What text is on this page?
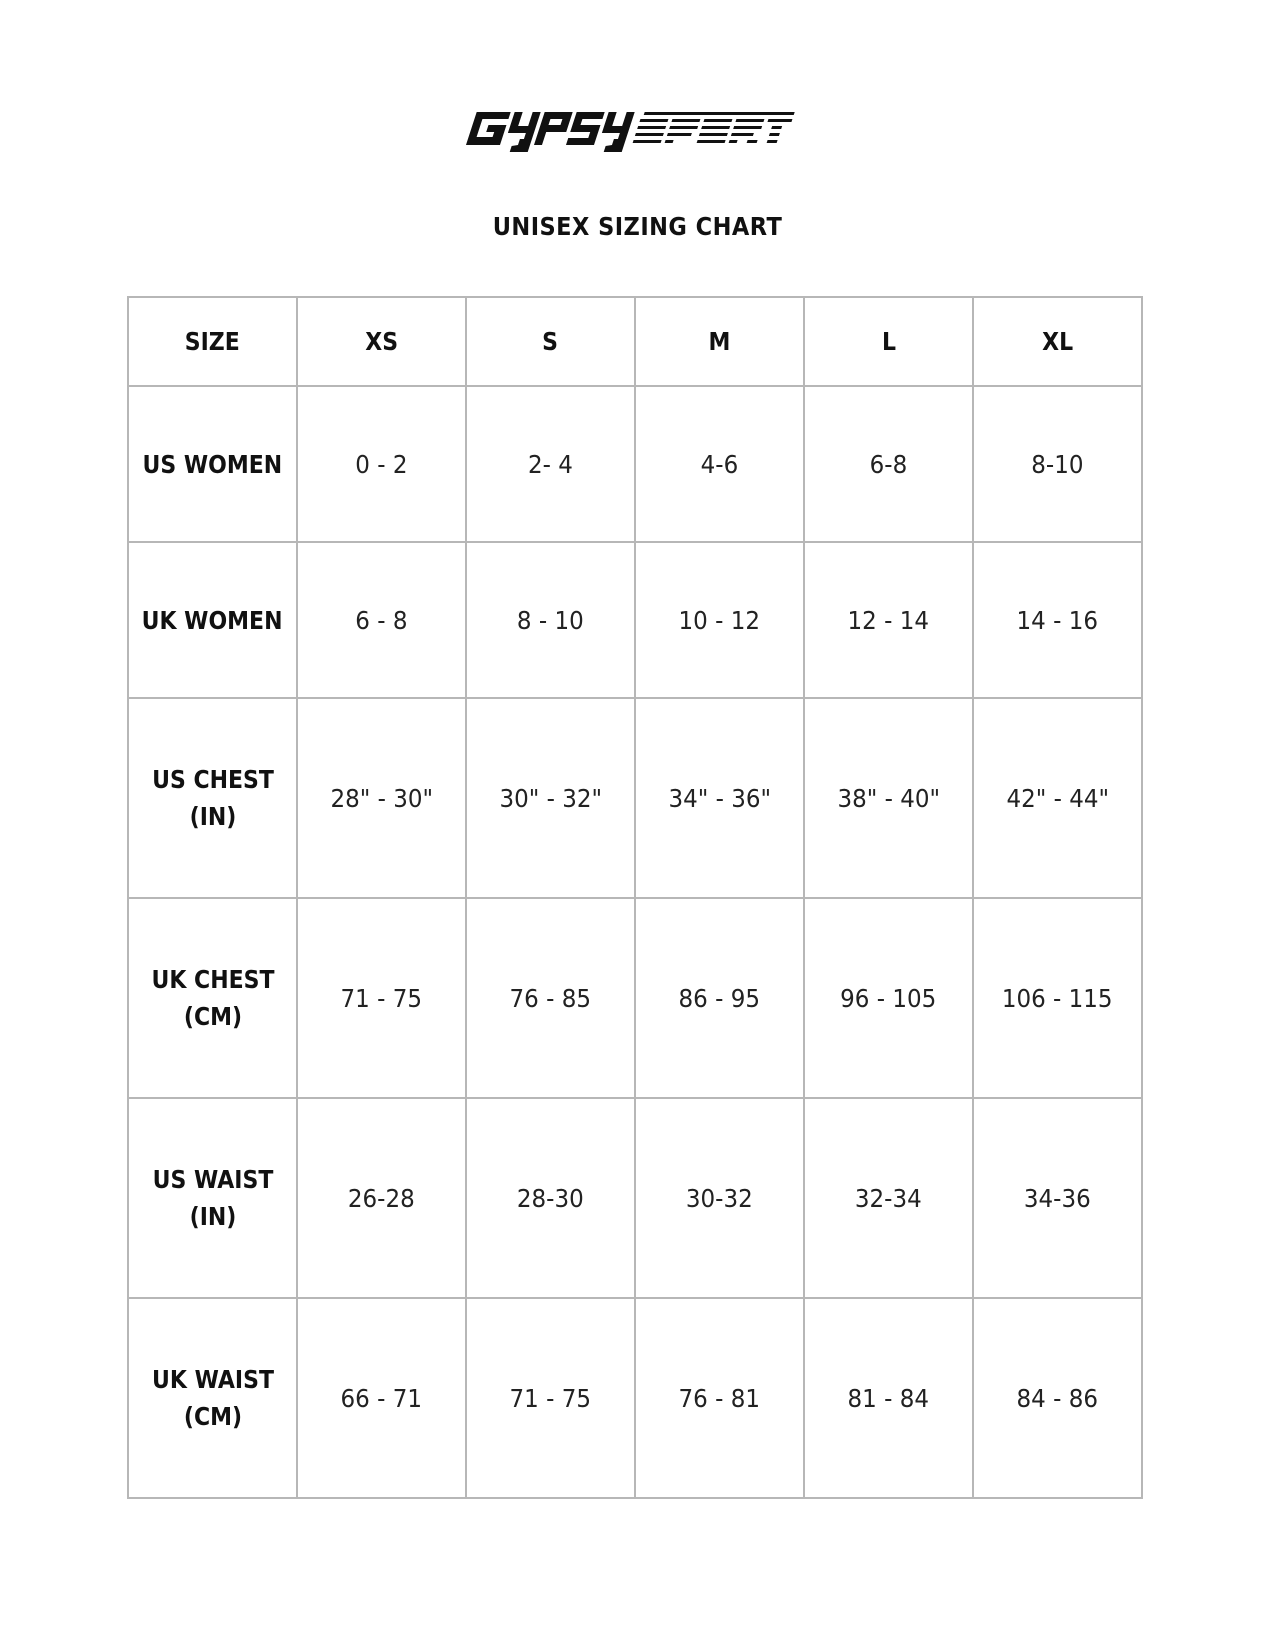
UNISEX SIZING CHART
SIZE	XS	S	M	L	XL
US WOMEN	0 - 2	2- 4	4-6	6-8	8-10
UK WOMEN	6 - 8	8 - 10	10 - 12	12 - 14	14 - 16
US CHEST (IN)	28" - 30"	30" - 32"	34" - 36"	38" - 40"	42" - 44"
UK CHEST (CM)	71 - 75	76 - 85	86 - 95	96 - 105	106 - 115
US WAIST (IN)	26-28	28-30	30-32	32-34	34-36
UK WAIST (CM)	66 - 71	71 - 75	76 - 81	81 - 84	84 - 86
